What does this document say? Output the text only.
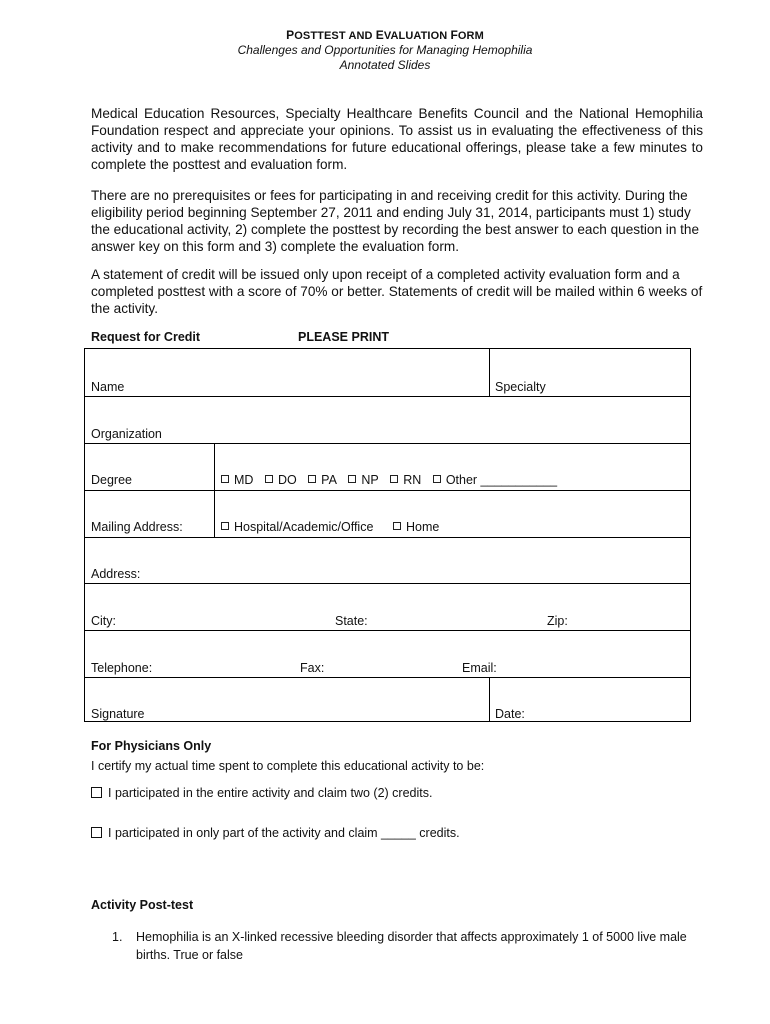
POSTTEST AND EVALUATION FORM
Challenges and Opportunities for Managing Hemophilia
Annotated Slides
Medical Education Resources, Specialty Healthcare Benefits Council and the National Hemophilia Foundation respect and appreciate your opinions. To assist us in evaluating the effectiveness of this activity and to make recommendations for future educational offerings, please take a few minutes to complete the posttest and evaluation form.
There are no prerequisites or fees for participating in and receiving credit for this activity. During the eligibility period beginning September 27, 2011 and ending July 31, 2014, participants must 1) study the educational activity, 2) complete the posttest by recording the best answer to each question in the answer key on this form and 3) complete the evaluation form.
A statement of credit will be issued only upon receipt of a completed activity evaluation form and a completed posttest with a score of 70% or better. Statements of credit will be mailed within 6 weeks of the activity.
Request for Credit	PLEASE PRINT
Name	Specialty
Organization
Degree	MD DO PA NP RN Other ___________
Mailing Address:	Hospital/Academic/Office	Home
Address:
City:	State:	Zip:
Telephone:	Fax:	Email:
Signature	Date:
For Physicians Only
I certify my actual time spent to complete this educational activity to be:
I participated in the entire activity and claim two (2) credits.
I participated in only part of the activity and claim _____ credits.
Activity Post-test
1. Hemophilia is an X-linked recessive bleeding disorder that affects approximately 1 of 5000 live male births. True or false
